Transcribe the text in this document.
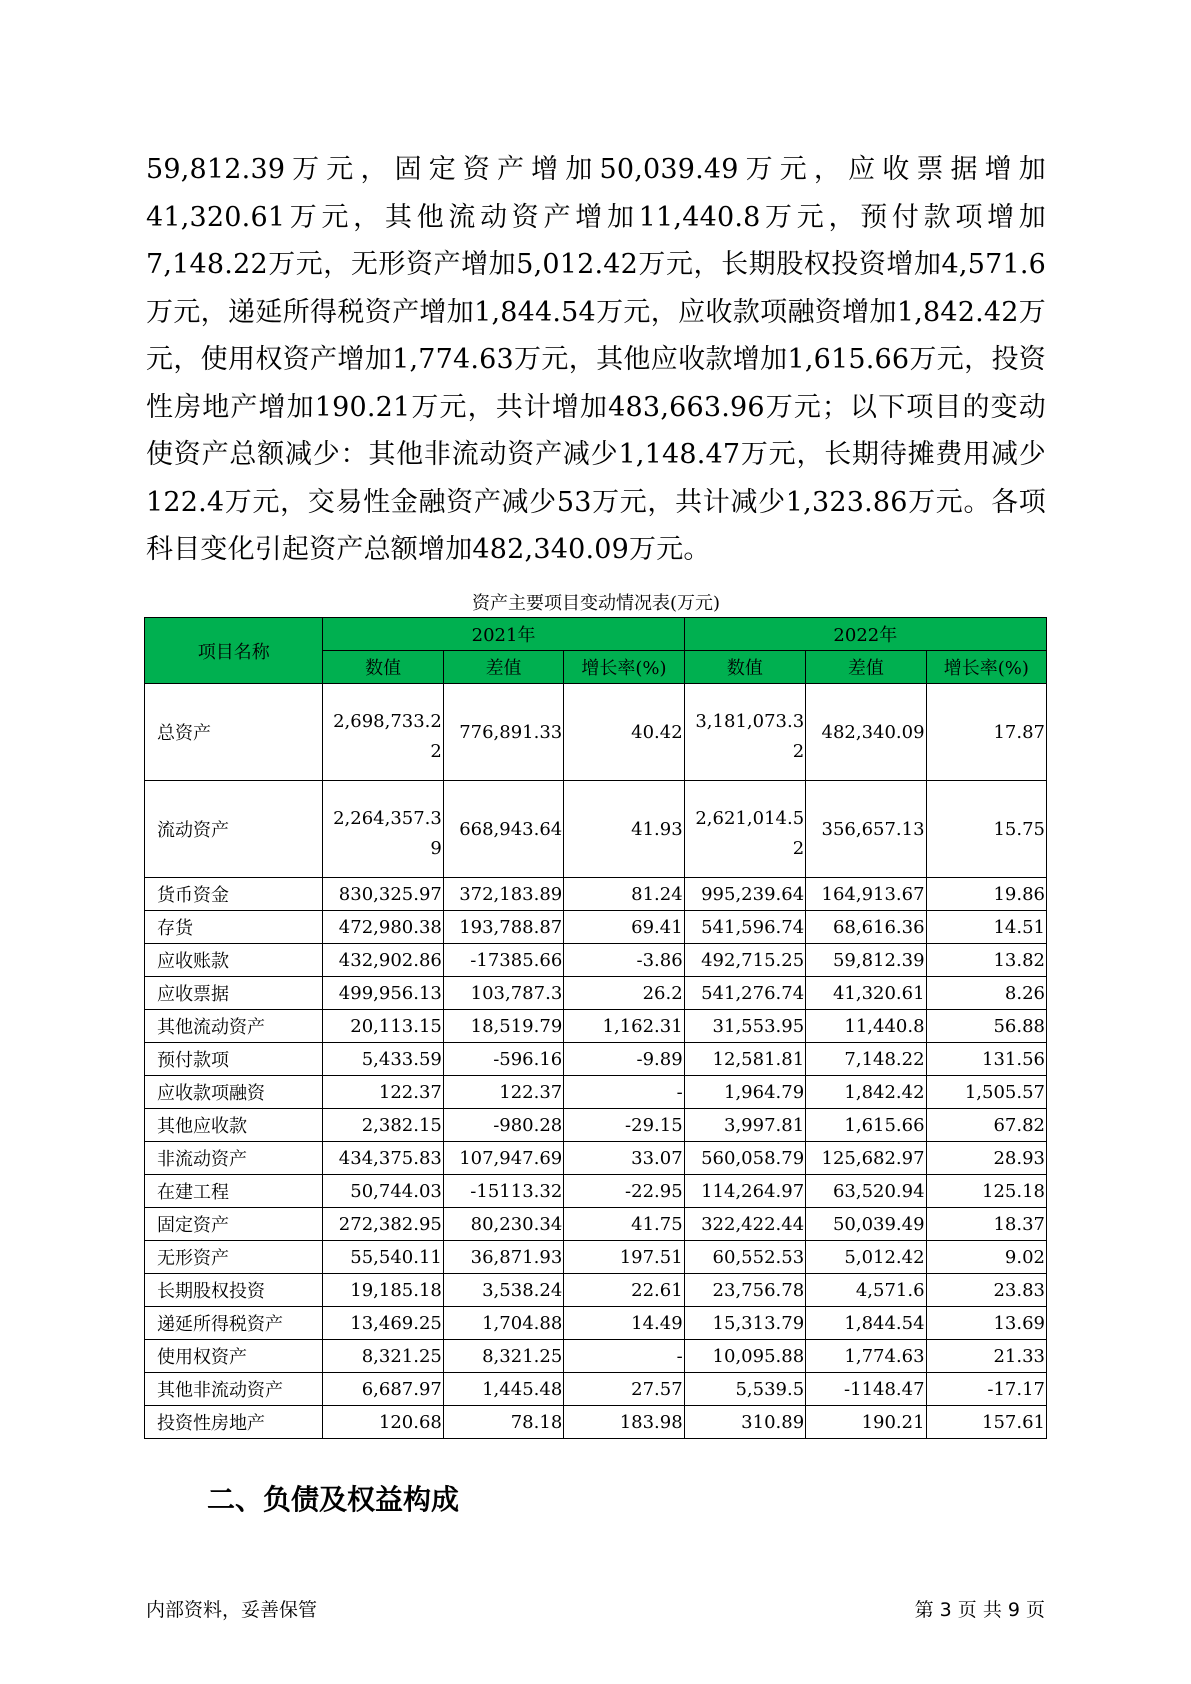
59,812.39万元，固定资产增加50,039.49万元，应收票据增加41,320.61万元，其他流动资产增加11,440.8万元，预付款项增加7,148.22万元，无形资产增加5,012.42万元，长期股权投资增加4,571.6万元，递延所得税资产增加1,844.54万元，应收款项融资增加1,842.42万元，使用权资产增加1,774.63万元，其他应收款增加1,615.66万元，投资性房地产增加190.21万元，共计增加483,663.96万元；以下项目的变动使资产总额减少：其他非流动资产减少1,148.47万元，长期待摊费用减少122.4万元，交易性金融资产减少53万元，共计减少1,323.86万元。各项科目变化引起资产总额增加482,340.09万元。

资产主要项目变动情况表(万元)
项目名称	2021年			2022年		
	数值	差值	增长率(%)	数值	差值	增长率(%)
总资产	2,698,733.22	776,891.33	40.42	3,181,073.32	482,340.09	17.87
流动资产	2,264,357.39	668,943.64	41.93	2,621,014.52	356,657.13	15.75
货币资金	830,325.97	372,183.89	81.24	995,239.64	164,913.67	19.86
存货	472,980.38	193,788.87	69.41	541,596.74	68,616.36	14.51
应收账款	432,902.86	-17385.66	-3.86	492,715.25	59,812.39	13.82
应收票据	499,956.13	103,787.3	26.2	541,276.74	41,320.61	8.26
其他流动资产	20,113.15	18,519.79	1,162.31	31,553.95	11,440.8	56.88
预付款项	5,433.59	-596.16	-9.89	12,581.81	7,148.22	131.56
应收款项融资	122.37	122.37	-	1,964.79	1,842.42	1,505.57
其他应收款	2,382.15	-980.28	-29.15	3,997.81	1,615.66	67.82
非流动资产	434,375.83	107,947.69	33.07	560,058.79	125,682.97	28.93
在建工程	50,744.03	-15113.32	-22.95	114,264.97	63,520.94	125.18
固定资产	272,382.95	80,230.34	41.75	322,422.44	50,039.49	18.37
无形资产	55,540.11	36,871.93	197.51	60,552.53	5,012.42	9.02
长期股权投资	19,185.18	3,538.24	22.61	23,756.78	4,571.6	23.83
递延所得税资产	13,469.25	1,704.88	14.49	15,313.79	1,844.54	13.69
使用权资产	8,321.25	8,321.25	-	10,095.88	1,774.63	21.33
其他非流动资产	6,687.97	1,445.48	27.57	5,539.5	-1148.47	-17.17
投资性房地产	120.68	78.18	183.98	310.89	190.21	157.61
二、负债及权益构成
内部资料，妥善保管	第 3 页 共 9 页
